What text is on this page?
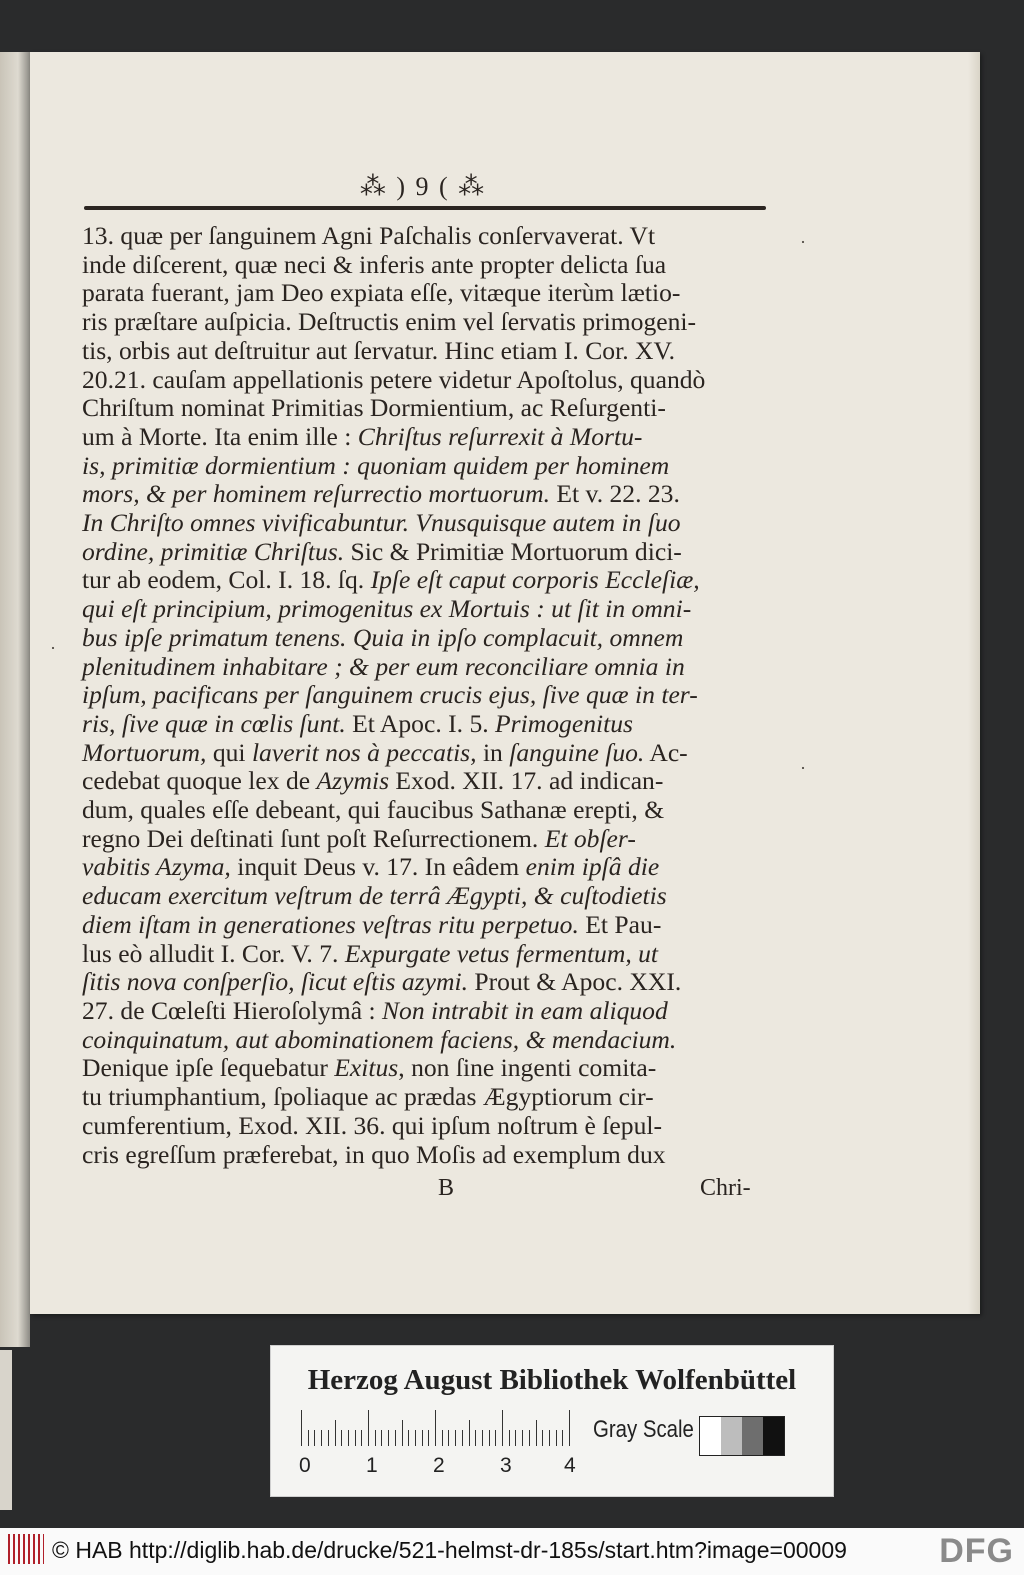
⁂ ) 9 ( ⁂
13. quæ per ſanguinem Agni Paſchalis conſervaverat. Vt
inde diſcerent, quæ neci & inferis ante propter delicta ſua
parata fuerant, jam Deo expiata eſſe, vitæque iterùm lætio-
ris præſtare auſpicia. Deſtructis enim vel ſervatis primogeni-
tis, orbis aut deſtruitur aut ſervatur. Hinc etiam I. Cor. XV.
20.21. cauſam appellationis petere videtur Apoſtolus, quandò
Chriſtum nominat Primitias Dormientium, ac Reſurgenti-
um à Morte. Ita enim ille : Chriſtus reſurrexit à Mortu-
is, primitiæ dormientium : quoniam quidem per hominem
mors, & per hominem reſurrectio mortuorum. Et v. 22. 23.
In Chriſto omnes vivificabuntur. Vnusquisque autem in ſuo
ordine, primitiæ Chriſtus. Sic & Primitiæ Mortuorum dici-
tur ab eodem, Col. I. 18. ſq. Ipſe eſt caput corporis Eccleſiæ,
qui eſt principium, primogenitus ex Mortuis : ut ſit in omni-
bus ipſe primatum tenens. Quia in ipſo complacuit, omnem
plenitudinem inhabitare ; & per eum reconciliare omnia in
ipſum, pacificans per ſanguinem crucis ejus, ſive quæ in ter-
ris, ſive quæ in cœlis ſunt. Et Apoc. I. 5. Primogenitus
Mortuorum, qui laverit nos à peccatis, in ſanguine ſuo. Ac-
cedebat quoque lex de Azymis Exod. XII. 17. ad indican-
dum, quales eſſe debeant, qui faucibus Sathanæ erepti, &
regno Dei deſtinati ſunt poſt Reſurrectionem. Et obſer-
vabitis Azyma, inquit Deus v. 17. In eâdem enim ipſâ die
educam exercitum veſtrum de terrâ Ægypti, & cuſtodietis
diem iſtam in generationes veſtras ritu perpetuo. Et Pau-
lus eò alludit I. Cor. V. 7. Expurgate vetus fermentum, ut
ſitis nova conſperſio, ſicut eſtis azymi. Prout & Apoc. XXI.
27. de Cœleſti Hieroſolymâ : Non intrabit in eam aliquod
coinquinatum, aut abominationem faciens, & mendacium.
Denique ipſe ſequebatur Exitus, non ſine ingenti comita-
tu triumphantium, ſpoliaque ac prædas Ægyptiorum cir-
cumferentium, Exod. XII. 36. qui ipſum noſtrum è ſepul-
cris egreſſum præferebat, in quo Moſis ad exemplum dux
B	Chri-
·
·
·
Herzog August Bibliothek Wolfenbüttel
0	1	2	3 4
Gray Scale
© HAB http://diglib.hab.de/drucke/521-helmst-dr-185s/start.htm?image=00009	DFG
